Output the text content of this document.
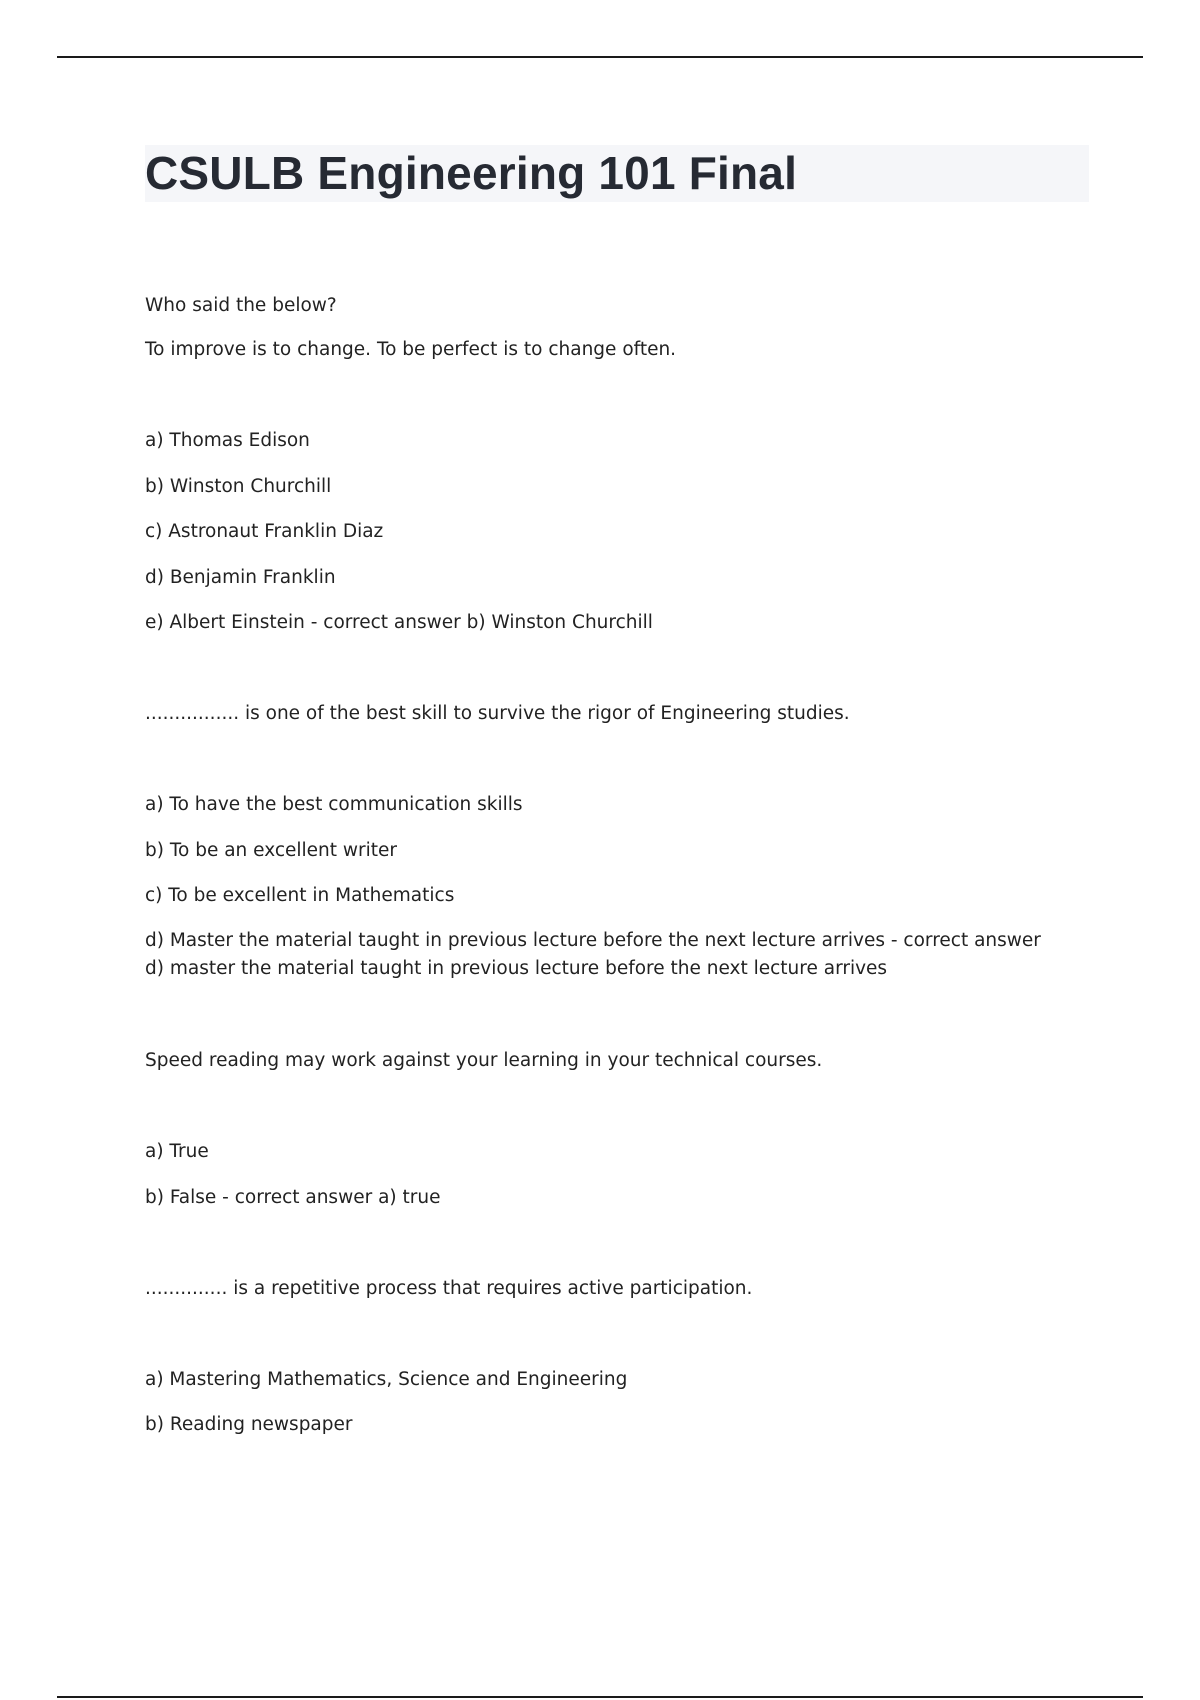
CSULB Engineering 101 Final

Who said the below?

To improve is to change. To be perfect is to change often.

a) Thomas Edison

b) Winston Churchill

c) Astronaut Franklin Diaz

d) Benjamin Franklin

e) Albert Einstein - correct answer b) Winston Churchill

................ is one of the best skill to survive the rigor of Engineering studies.

a) To have the best communication skills

b) To be an excellent writer

c) To be excellent in Mathematics

d) Master the material taught in previous lecture before the next lecture arrives - correct answer d) master the material taught in previous lecture before the next lecture arrives

Speed reading may work against your learning in your technical courses.

a) True

b) False - correct answer a) true

.............. is a repetitive process that requires active participation.

a) Mastering Mathematics, Science and Engineering

b) Reading newspaper
